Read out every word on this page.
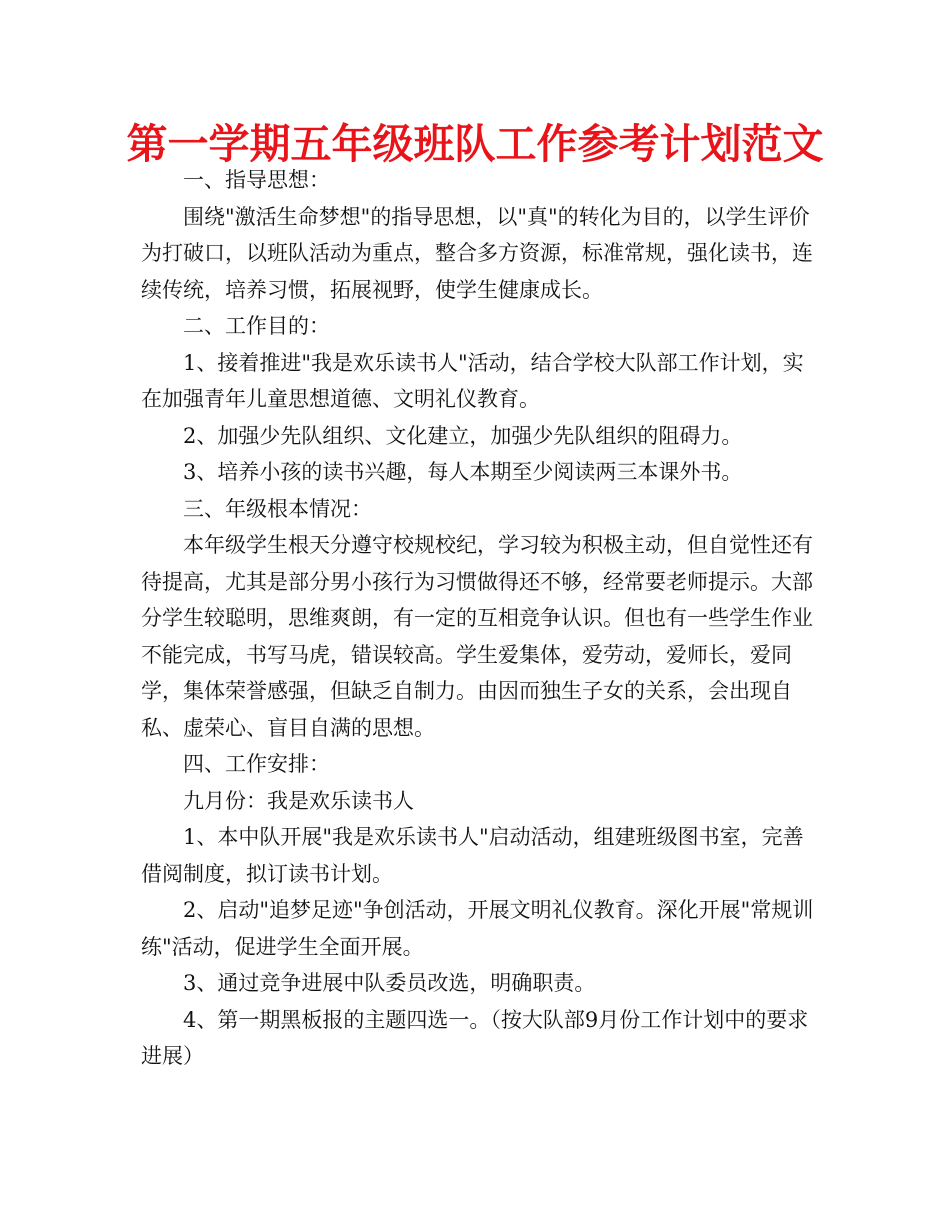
第一学期五年级班队工作参考计划范文

一、指导思想：

围绕"激活生命梦想"的指导思想，以"真"的转化为目的，以学生评价为打破口，以班队活动为重点，整合多方资源，标准常规，强化读书，连续传统，培养习惯，拓展视野，使学生健康成长。

二、工作目的：

1、接着推进"我是欢乐读书人"活动，结合学校大队部工作计划，实在加强青年儿童思想道德、文明礼仪教育。

2、加强少先队组织、文化建立，加强少先队组织的阻碍力。

3、培养小孩的读书兴趣，每人本期至少阅读两三本课外书。

三、年级根本情况：

本年级学生根天分遵守校规校纪，学习较为积极主动，但自觉性还有待提高，尤其是部分男小孩行为习惯做得还不够，经常要老师提示。大部分学生较聪明，思维爽朗，有一定的互相竞争认识。但也有一些学生作业不能完成，书写马虎，错误较高。学生爱集体，爱劳动，爱师长，爱同学，集体荣誉感强，但缺乏自制力。由因而独生子女的关系，会出现自私、虚荣心、盲目自满的思想。

四、工作安排：

九月份：我是欢乐读书人

1、本中队开展"我是欢乐读书人"启动活动，组建班级图书室，完善借阅制度，拟订读书计划。

2、启动"追梦足迹"争创活动，开展文明礼仪教育。深化开展"常规训练"活动，促进学生全面开展。

3、通过竞争进展中队委员改选，明确职责。

4、第一期黑板报的主题四选一。（按大队部9月份工作计划中的要求进展）
